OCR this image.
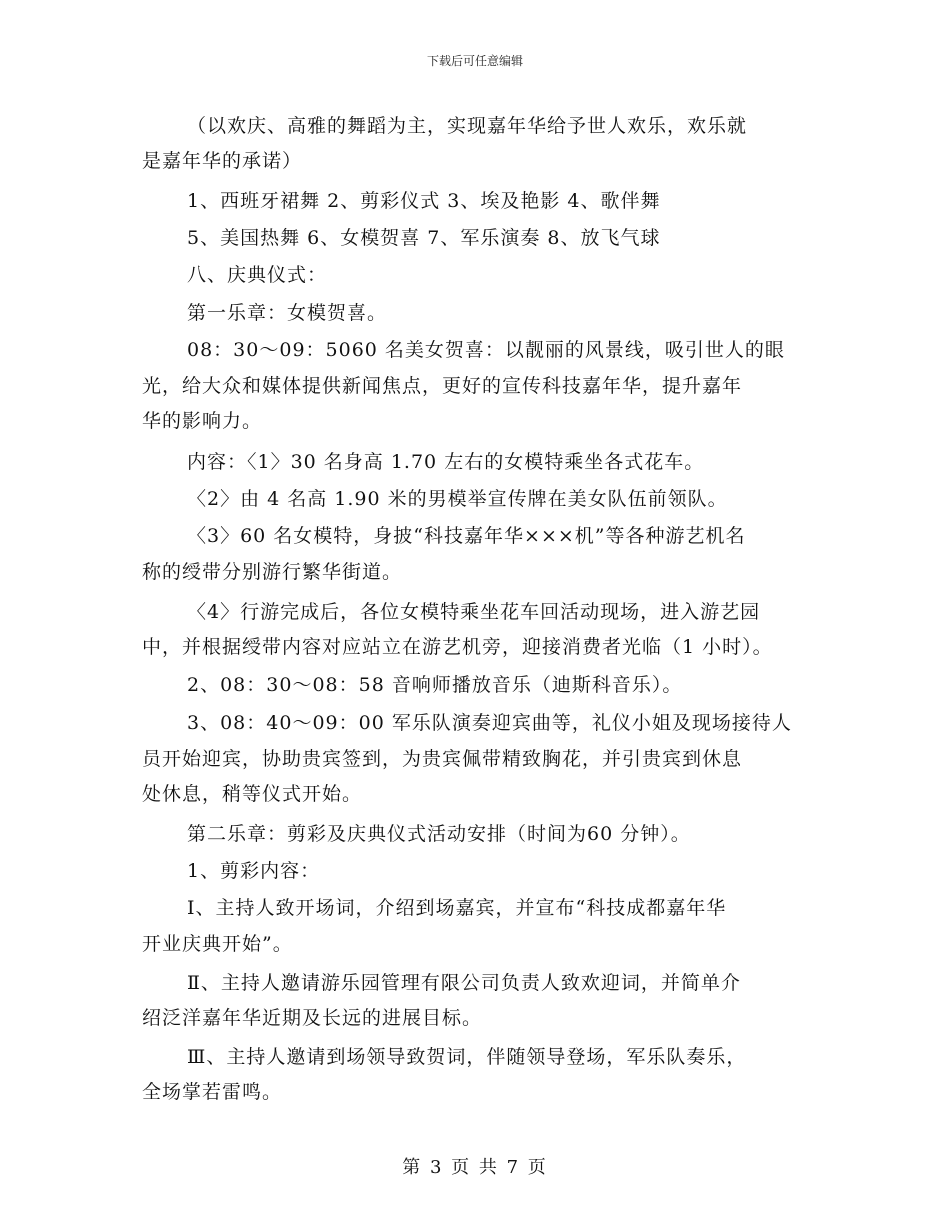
下载后可任意编辑
（以欢庆、高雅的舞蹈为主，实现嘉年华给予世人欢乐，欢乐就
是嘉年华的承诺）
1、西班牙裙舞 2、剪彩仪式 3、埃及艳影 4、歌伴舞
5、美国热舞 6、女模贺喜 7、军乐演奏 8、放飞气球
八、庆典仪式：
第一乐章：女模贺喜。
08：30～09：5060 名美女贺喜：以靓丽的风景线，吸引世人的眼
光，给大众和媒体提供新闻焦点，更好的宣传科技嘉年华，提升嘉年
华的影响力。
内容：〈1〉30 名身高 1.70 左右的女模特乘坐各式花车。
〈2〉由 4 名高 1.90 米的男模举宣传牌在美女队伍前领队。
〈3〉60 名女模特，身披“科技嘉年华×××机”等各种游艺机名
称的绶带分别游行繁华街道。
〈4〉行游完成后，各位女模特乘坐花车回活动现场，进入游艺园
中，并根据绶带内容对应站立在游艺机旁，迎接消费者光临（1 小时）。
2、08：30～08：58 音响师播放音乐（迪斯科音乐）。
3、08：40～09：00 军乐队演奏迎宾曲等，礼仪小姐及现场接待人
员开始迎宾，协助贵宾签到，为贵宾佩带精致胸花，并引贵宾到休息
处休息，稍等仪式开始。
第二乐章：剪彩及庆典仪式活动安排（时间为60 分钟）。
1、剪彩内容：
Ⅰ、主持人致开场词，介绍到场嘉宾，并宣布“科技成都嘉年华
开业庆典开始”。
Ⅱ、主持人邀请游乐园管理有限公司负责人致欢迎词，并简单介
绍泛洋嘉年华近期及长远的进展目标。
Ⅲ、主持人邀请到场领导致贺词，伴随领导登场，军乐队奏乐，
全场掌若雷鸣。
第 3 页 共 7 页
